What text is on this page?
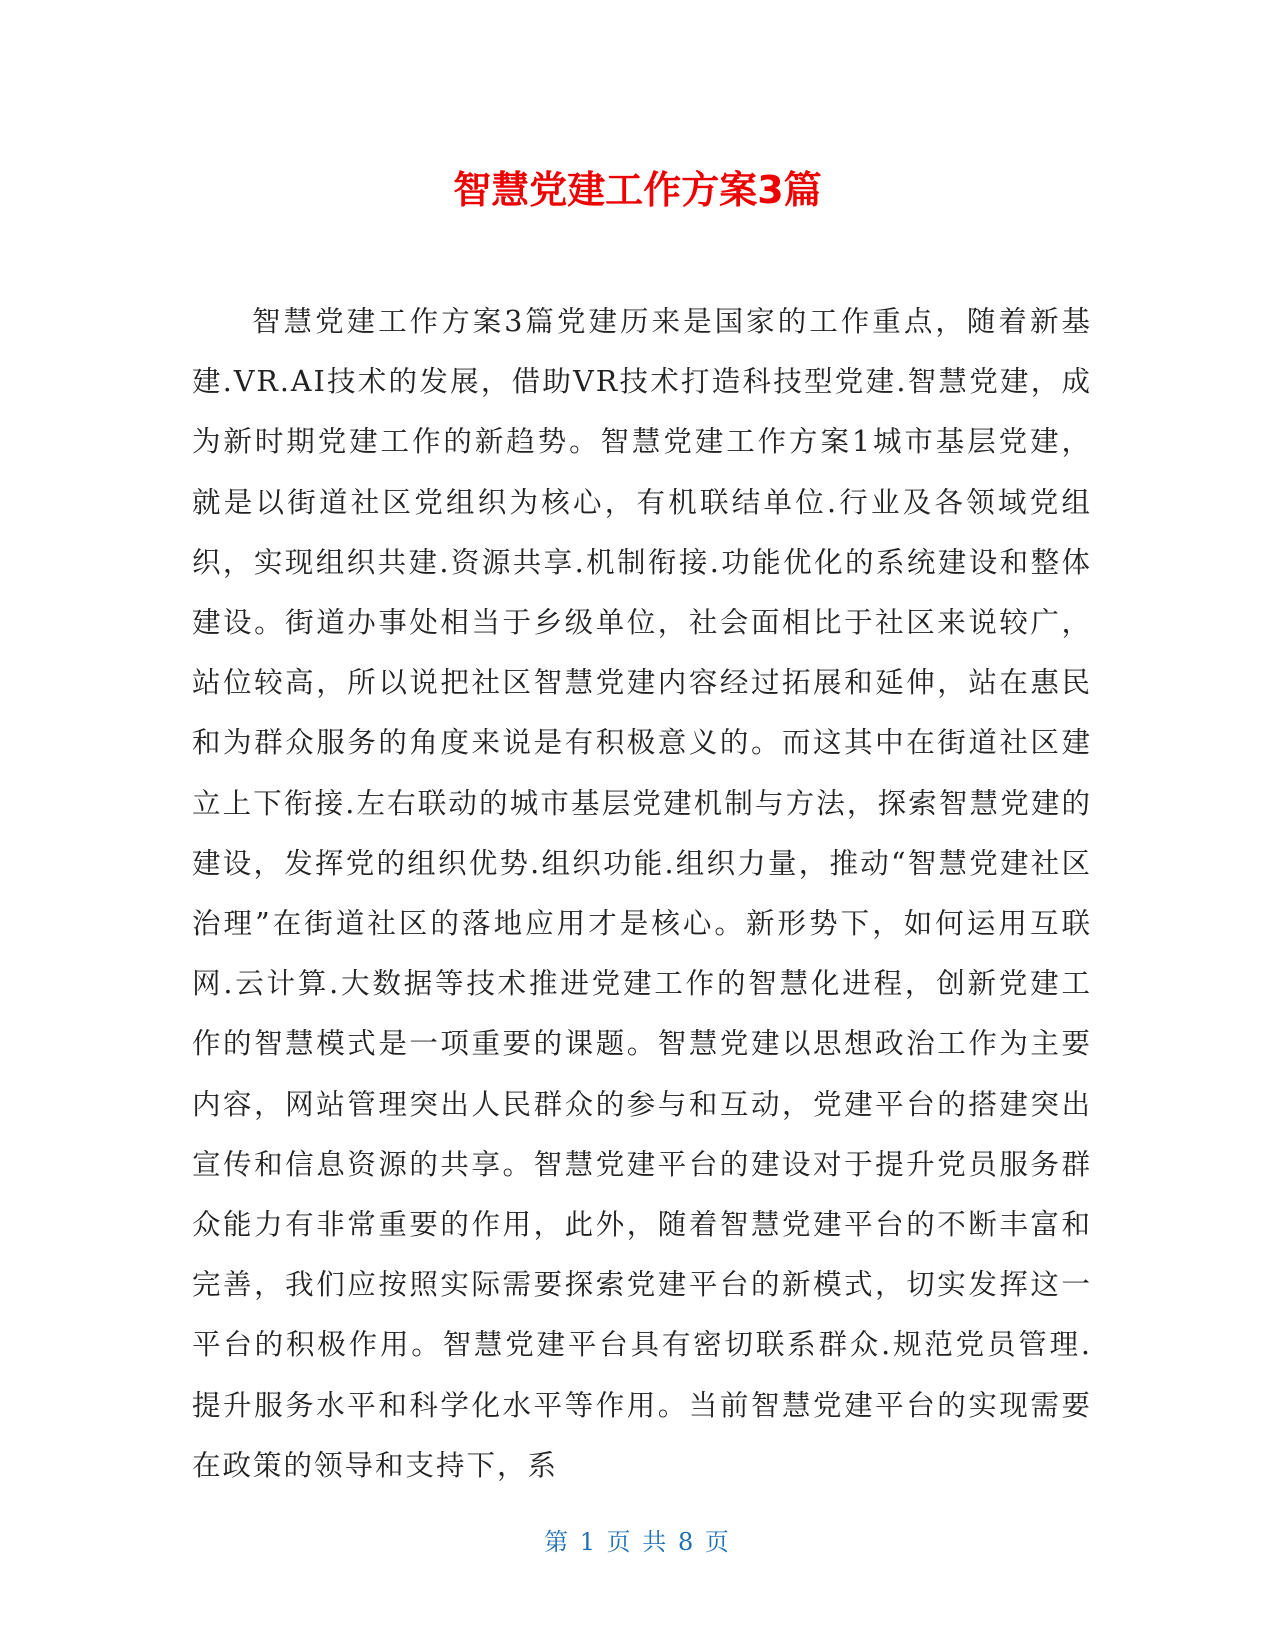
智慧党建工作方案3篇

智慧党建工作方案3篇党建历来是国家的工作重点，随着新基建.VR.AI技术的发展，借助VR技术打造科技型党建.智慧党建，成为新时期党建工作的新趋势。智慧党建工作方案1城市基层党建，就是以街道社区党组织为核心，有机联结单位.行业及各领域党组织，实现组织共建.资源共享.机制衔接.功能优化的系统建设和整体建设。街道办事处相当于乡级单位，社会面相比于社区来说较广，站位较高，所以说把社区智慧党建内容经过拓展和延伸，站在惠民和为群众服务的角度来说是有积极意义的。而这其中在街道社区建立上下衔接.左右联动的城市基层党建机制与方法，探索智慧党建的建设，发挥党的组织优势.组织功能.组织力量，推动“智慧党建社区治理”在街道社区的落地应用才是核心。新形势下，如何运用互联网.云计算.大数据等技术推进党建工作的智慧化进程，创新党建工作的智慧模式是一项重要的课题。智慧党建以思想政治工作为主要内容，网站管理突出人民群众的参与和互动，党建平台的搭建突出宣传和信息资源的共享。智慧党建平台的建设对于提升党员服务群众能力有非常重要的作用，此外，随着智慧党建平台的不断丰富和完善，我们应按照实际需要探索党建平台的新模式，切实发挥这一平台的积极作用。智慧党建平台具有密切联系群众.规范党员管理.提升服务水平和科学化水平等作用。当前智慧党建平台的实现需要在政策的领导和支持下，系

第 1 页 共 8 页
